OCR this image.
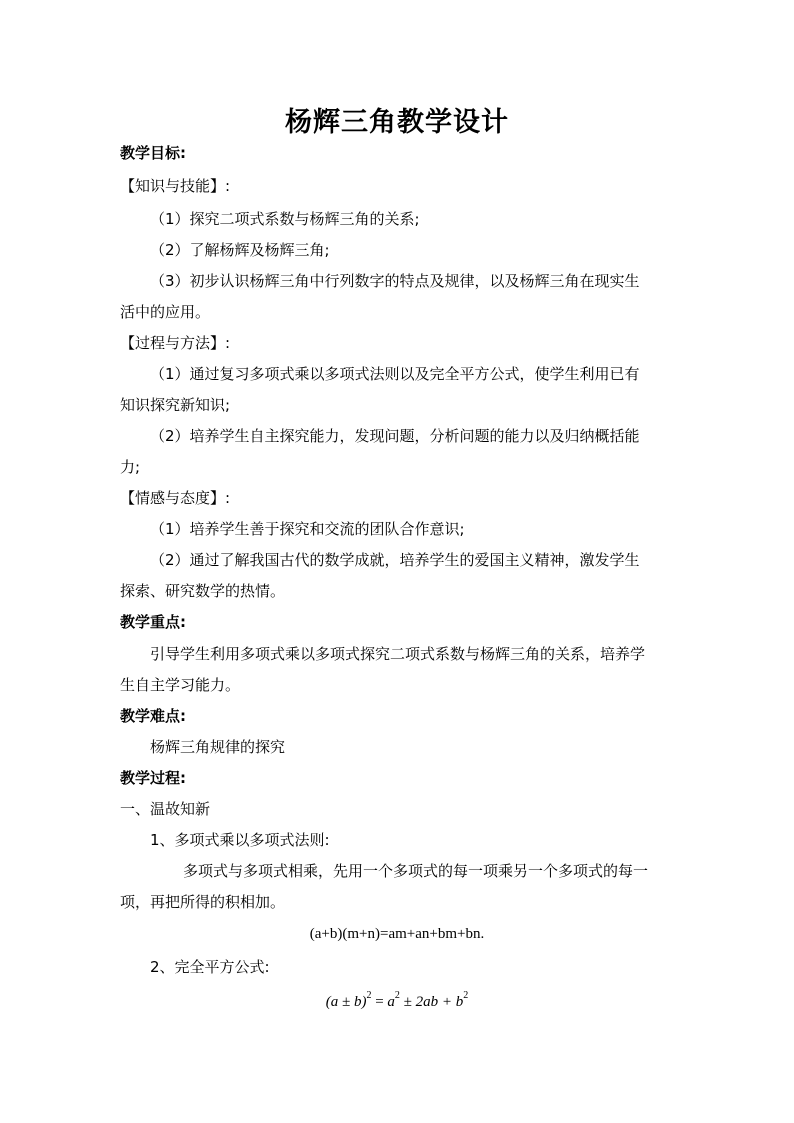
杨辉三角教学设计
教学目标:
【知识与技能】:
（1）探究二项式系数与杨辉三角的关系;
（2）了解杨辉及杨辉三角;
（3）初步认识杨辉三角中行列数字的特点及规律，以及杨辉三角在现实生
活中的应用。
【过程与方法】:
（1）通过复习多项式乘以多项式法则以及完全平方公式，使学生利用已有
知识探究新知识;
（2）培养学生自主探究能力，发现问题，分析问题的能力以及归纳概括能
力;
【情感与态度】:
（1）培养学生善于探究和交流的团队合作意识;
（2）通过了解我国古代的数学成就，培养学生的爱国主义精神，激发学生
探索、研究数学的热情。
教学重点:
引导学生利用多项式乘以多项式探究二项式系数与杨辉三角的关系，培养学
生自主学习能力。
教学难点:
杨辉三角规律的探究
教学过程:
一、温故知新
1、多项式乘以多项式法则:
多项式与多项式相乘，先用一个多项式的每一项乘另一个多项式的每一
项，再把所得的积相加。
(a+b)(m+n)=am+an+bm+bn.
2、完全平方公式:
$(a \pm b)^2 = a^2 \pm 2ab + b^2$
